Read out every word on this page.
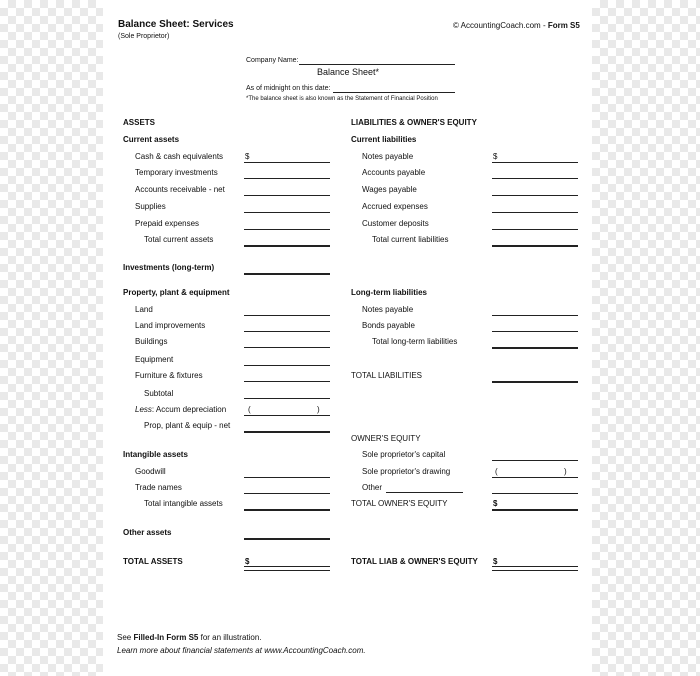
Balance Sheet: Services
(Sole Proprietor)
© AccountingCoach.com - Form S5
Company Name:
Balance Sheet*
As of midnight on this date:
*The balance sheet is also known as the Statement of Financial Position
ASSETS
Current assets
Cash & cash equivalents	$
Temporary investments
Accounts receivable - net
Supplies
Prepaid expenses
Total current assets
Investments (long-term)
Property, plant & equipment
Land
Land improvements
Buildings
Equipment
Furniture & fixtures
Subtotal
Less: Accum depreciation	(	)
Prop, plant & equip - net
Intangible assets
Goodwill
Trade names
Total intangible assets
Other assets
TOTAL ASSETS	$
LIABILITIES & OWNER'S EQUITY
Current liabilities
Notes payable	$
Accounts payable
Wages payable
Accrued expenses
Customer deposits
Total current liabilities
Long-term liabilities
Notes payable
Bonds payable
Total long-term liabilities
TOTAL LIABILITIES
OWNER'S EQUITY
Sole proprietor's capital
Sole proprietor's drawing	(	)
Other
TOTAL OWNER'S EQUITY	$
TOTAL LIAB & OWNER'S EQUITY $
See Filled-In Form S5 for an illustration.
Learn more about financial statements at www.AccountingCoach.com.
